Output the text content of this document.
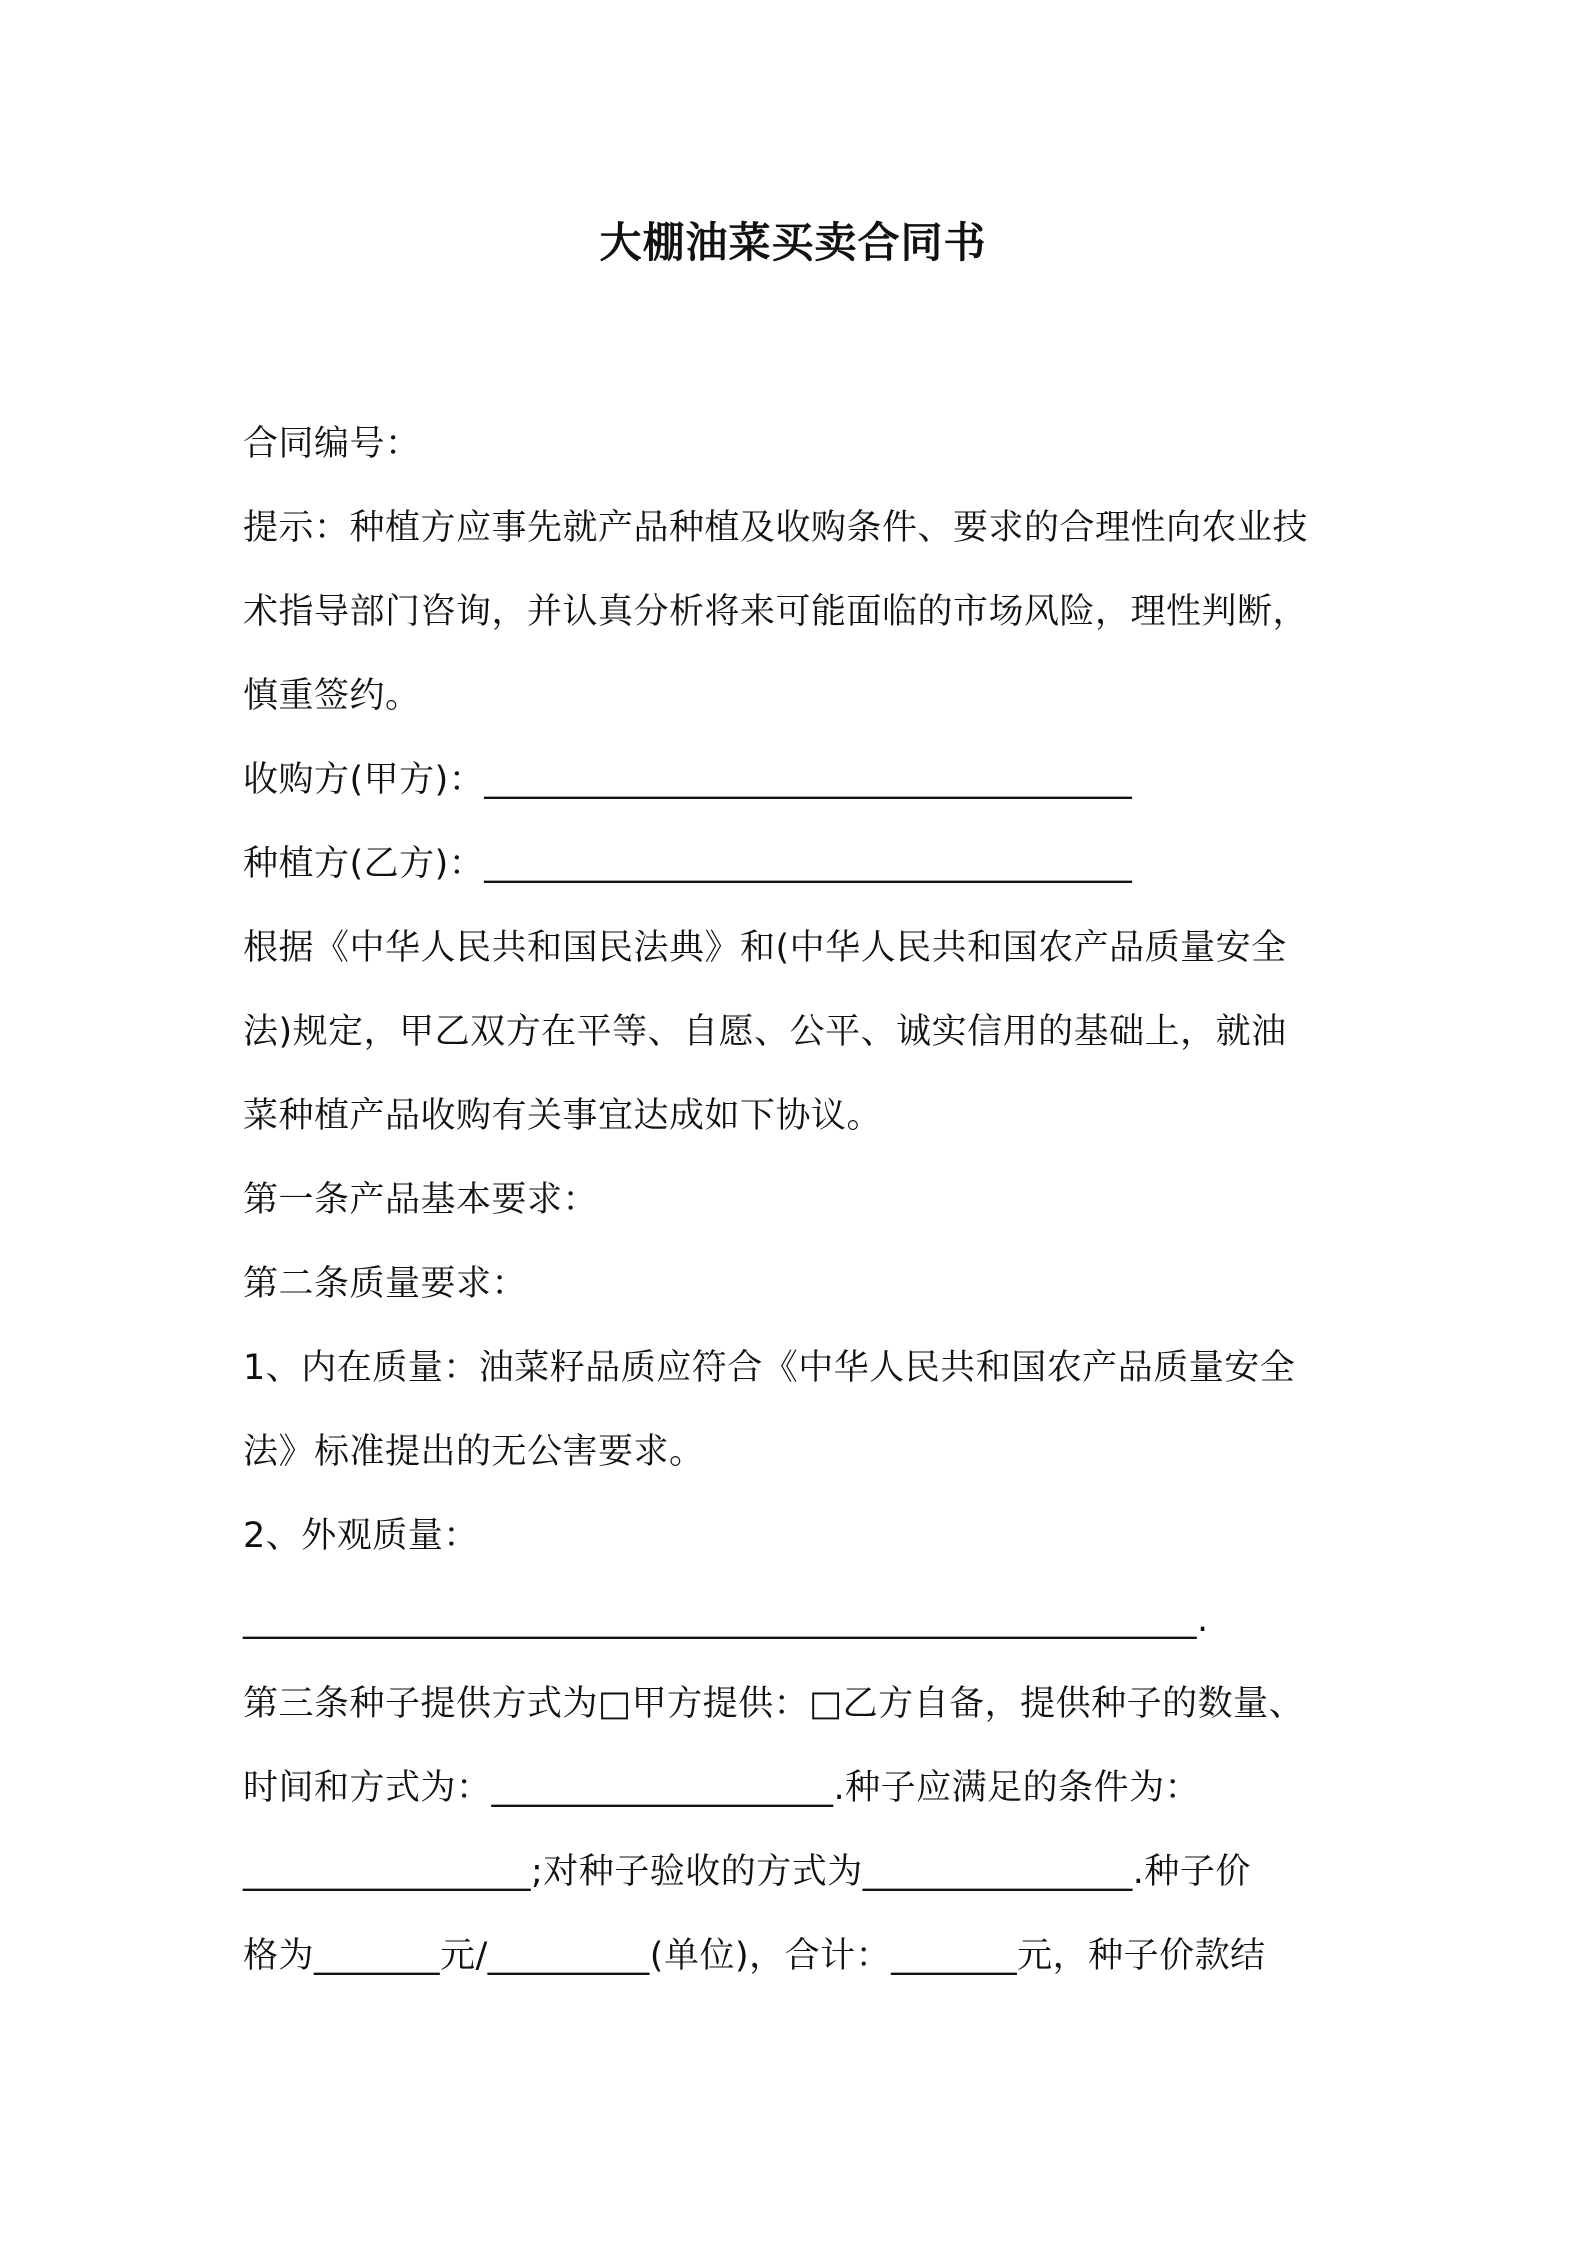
大棚油菜买卖合同书
合同编号：
提示：种植方应事先就产品种植及收购条件、要求的合理性向农业技
术指导部门咨询，并认真分析将来可能面临的市场风险，理性判断，
慎重签约。
收购方(甲方)：____________________________________
种植方(乙方)：____________________________________
根据《中华人民共和国民法典》和(中华人民共和国农产品质量安全
法)规定，甲乙双方在平等、自愿、公平、诚实信用的基础上，就油
菜种植产品收购有关事宜达成如下协议。
第一条产品基本要求：
第二条质量要求：
1、内在质量：油菜籽品质应符合《中华人民共和国农产品质量安全
法》标准提出的无公害要求。
2、外观质量：
_____________________________________________________.
第三条种子提供方式为□甲方提供：□乙方自备，提供种子的数量、
时间和方式为：___________________.种子应满足的条件为：
________________;对种子验收的方式为_______________.种子价
格为_______元/_________(单位)，合计：_______元，种子价款结
